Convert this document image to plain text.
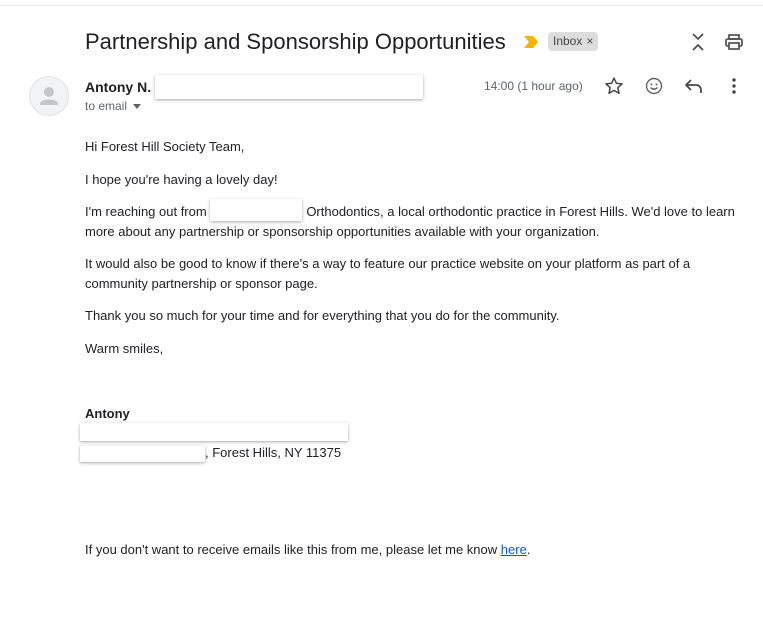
Partnership and Sponsorship Opportunities	Inbox ×
Antony N.
to email
14:00 (1 hour ago)
Hi Forest Hill Society Team,
I hope you're having a lovely day!
I'm reaching out from	Orthodontics, a local orthodontic practice in Forest Hills. We'd love to learn more about any partnership or sponsorship opportunities available with your organization.
It would also be good to know if there's a way to feature our practice website on your platform as part of a community partnership or sponsor page.
Thank you so much for your time and for everything that you do for the community.
Warm smiles,
Antony
, Forest Hills, NY 11375
If you don't want to receive emails like this from me, please let me know here.
